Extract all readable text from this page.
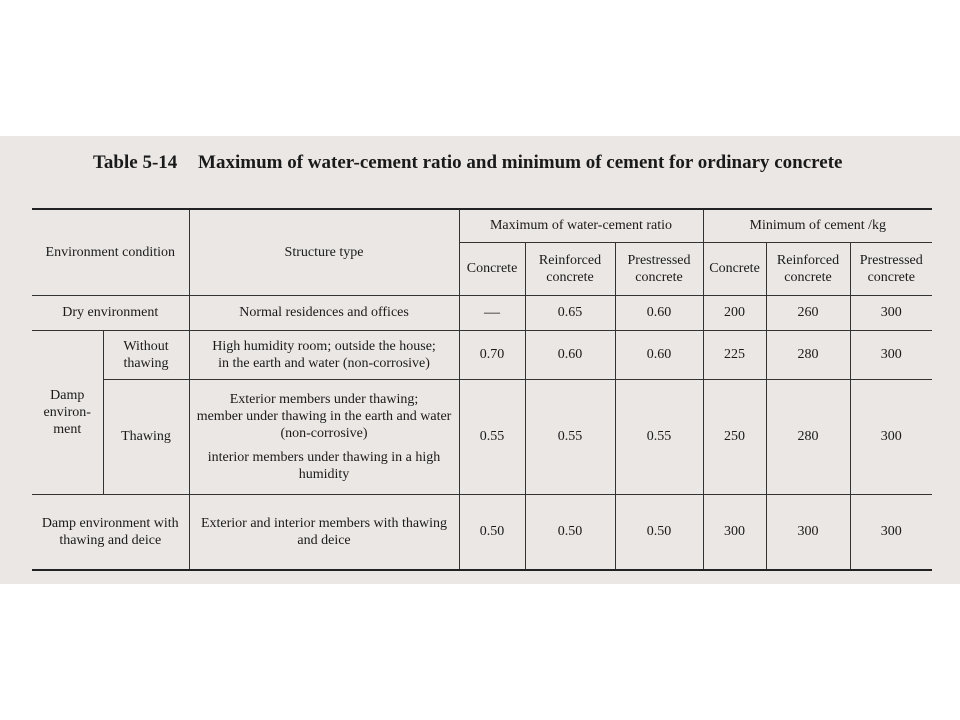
Table 5-14 Maximum of water-cement ratio and minimum of cement for ordinary concrete
Environment condition		Structure type	Maximum of water-cement ratio			Minimum of cement /kg		
			Concrete	Reinforced concrete	Prestressed concrete	Concrete	Reinforced concrete	Prestressed concrete
Dry environment		Normal residences and offices	—	0.65	0.60	200	260	300
Damp environ- ment	Without thawing	High humidity room; outside the house;
in the earth and water (non-corrosive)	0.70	0.60	0.60	225	280	300
	Thawing	Exterior members under thawing;
member under thawing in the earth and water (non-corrosive)
interior members under thawing in a high humidity	0.55	0.55	0.55	250	280	300
Damp environment with thawing and deice		Exterior and interior members with thawing and deice	0.50	0.50	0.50	300	300	300
